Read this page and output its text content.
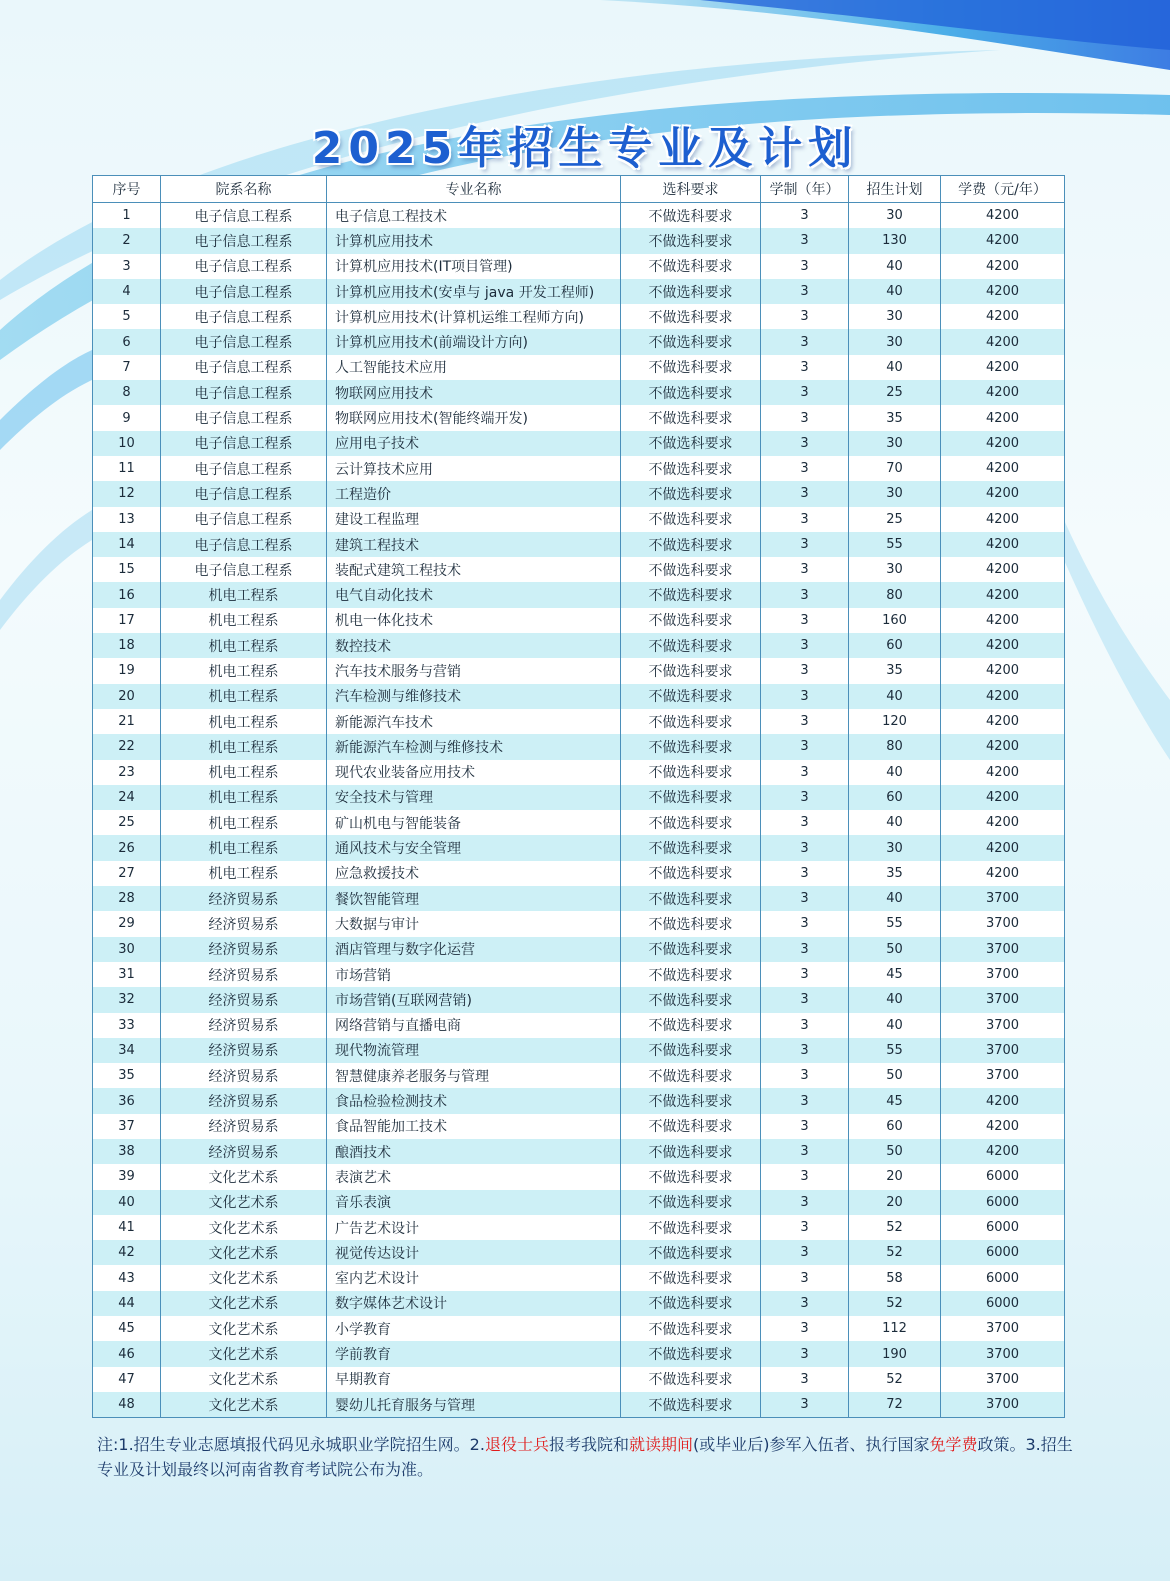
2025年招生专业及计划
序号	院系名称	专业名称	选科要求	学制（年）	招生计划	学费（元/年）
1	电子信息工程系	电子信息工程技术	不做选科要求	3	30	4200
2	电子信息工程系	计算机应用技术	不做选科要求	3	130	4200
3	电子信息工程系	计算机应用技术(IT项目管理)	不做选科要求	3	40	4200
4	电子信息工程系	计算机应用技术(安卓与 java 开发工程师)	不做选科要求	3	40	4200
5	电子信息工程系	计算机应用技术(计算机运维工程师方向)	不做选科要求	3	30	4200
6	电子信息工程系	计算机应用技术(前端设计方向)	不做选科要求	3	30	4200
7	电子信息工程系	人工智能技术应用	不做选科要求	3	40	4200
8	电子信息工程系	物联网应用技术	不做选科要求	3	25	4200
9	电子信息工程系	物联网应用技术(智能终端开发)	不做选科要求	3	35	4200
10	电子信息工程系	应用电子技术	不做选科要求	3	30	4200
11	电子信息工程系	云计算技术应用	不做选科要求	3	70	4200
12	电子信息工程系	工程造价	不做选科要求	3	30	4200
13	电子信息工程系	建设工程监理	不做选科要求	3	25	4200
14	电子信息工程系	建筑工程技术	不做选科要求	3	55	4200
15	电子信息工程系	装配式建筑工程技术	不做选科要求	3	30	4200
16	机电工程系	电气自动化技术	不做选科要求	3	80	4200
17	机电工程系	机电一体化技术	不做选科要求	3	160	4200
18	机电工程系	数控技术	不做选科要求	3	60	4200
19	机电工程系	汽车技术服务与营销	不做选科要求	3	35	4200
20	机电工程系	汽车检测与维修技术	不做选科要求	3	40	4200
21	机电工程系	新能源汽车技术	不做选科要求	3	120	4200
22	机电工程系	新能源汽车检测与维修技术	不做选科要求	3	80	4200
23	机电工程系	现代农业装备应用技术	不做选科要求	3	40	4200
24	机电工程系	安全技术与管理	不做选科要求	3	60	4200
25	机电工程系	矿山机电与智能装备	不做选科要求	3	40	4200
26	机电工程系	通风技术与安全管理	不做选科要求	3	30	4200
27	机电工程系	应急救援技术	不做选科要求	3	35	4200
28	经济贸易系	餐饮智能管理	不做选科要求	3	40	3700
29	经济贸易系	大数据与审计	不做选科要求	3	55	3700
30	经济贸易系	酒店管理与数字化运营	不做选科要求	3	50	3700
31	经济贸易系	市场营销	不做选科要求	3	45	3700
32	经济贸易系	市场营销(互联网营销)	不做选科要求	3	40	3700
33	经济贸易系	网络营销与直播电商	不做选科要求	3	40	3700
34	经济贸易系	现代物流管理	不做选科要求	3	55	3700
35	经济贸易系	智慧健康养老服务与管理	不做选科要求	3	50	3700
36	经济贸易系	食品检验检测技术	不做选科要求	3	45	4200
37	经济贸易系	食品智能加工技术	不做选科要求	3	60	4200
38	经济贸易系	酿酒技术	不做选科要求	3	50	4200
39	文化艺术系	表演艺术	不做选科要求	3	20	6000
40	文化艺术系	音乐表演	不做选科要求	3	20	6000
41	文化艺术系	广告艺术设计	不做选科要求	3	52	6000
42	文化艺术系	视觉传达设计	不做选科要求	3	52	6000
43	文化艺术系	室内艺术设计	不做选科要求	3	58	6000
44	文化艺术系	数字媒体艺术设计	不做选科要求	3	52	6000
45	文化艺术系	小学教育	不做选科要求	3	112	3700
46	文化艺术系	学前教育	不做选科要求	3	190	3700
47	文化艺术系	早期教育	不做选科要求	3	52	3700
48	文化艺术系	婴幼儿托育服务与管理	不做选科要求	3	72	3700
注:1.招生专业志愿填报代码见永城职业学院招生网。2.退役士兵报考我院和就读期间(或毕业后)参军入伍者、执行国家免学费政策。3.招生专业及计划最终以河南省教育考试院公布为准。
